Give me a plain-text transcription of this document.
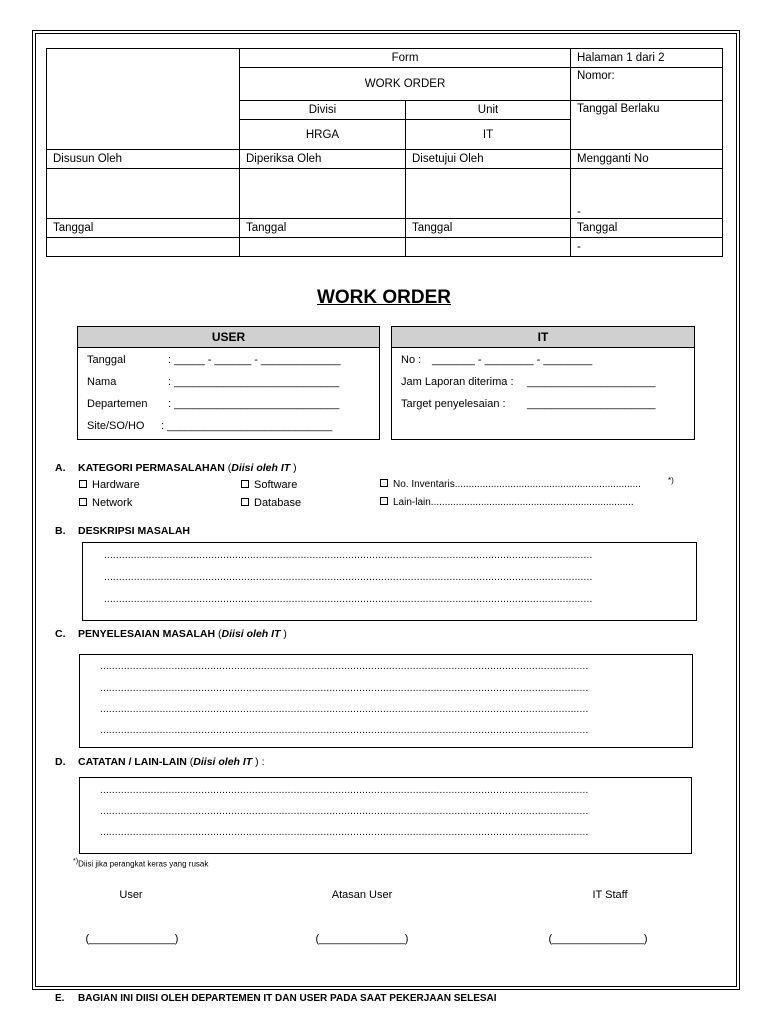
	Form		Halaman 1 dari 2
	WORK ORDER		Nomor:
	Divisi	Unit	Tanggal Berlaku
	HRGA	IT	
Disusun Oleh	Diperiksa Oleh	Disetujui Oleh	Mengganti No
			-
Tanggal	Tanggal	Tanggal	Tanggal
			-
WORK ORDER
USER
Tanggal	: _____ - ______ - _____________
Nama	: ___________________________
Departemen : ___________________________
Site/SO/HO : ___________________________
IT
No : _______ - ________ - ________
Jam Laporan diterima : _____________________
Target penyelesaian : _____________________
A. KATEGORI PERMASALAHAN (Diisi oleh IT )
Hardware	Software	No. Inventaris...................................................................	*)
Network	Database	Lain-lain.........................................................................
B. DESKRIPSI MASALAH
....................................................................................................................................................................
....................................................................................................................................................................
....................................................................................................................................................................
C. PENYELESAIAN MASALAH (Diisi oleh IT )
....................................................................................................................................................................
....................................................................................................................................................................
....................................................................................................................................................................
....................................................................................................................................................................
D. CATATAN / LAIN-LAIN (Diisi oleh IT ) :
....................................................................................................................................................................
....................................................................................................................................................................
....................................................................................................................................................................
*)Diisi jika perangkat keras yang rusak
User	Atasan User	IT Staff
(______________)	(______________)	(_______________)
E. BAGIAN INI DIISI OLEH DEPARTEMEN IT DAN USER PADA SAAT PEKERJAAN SELESAI
